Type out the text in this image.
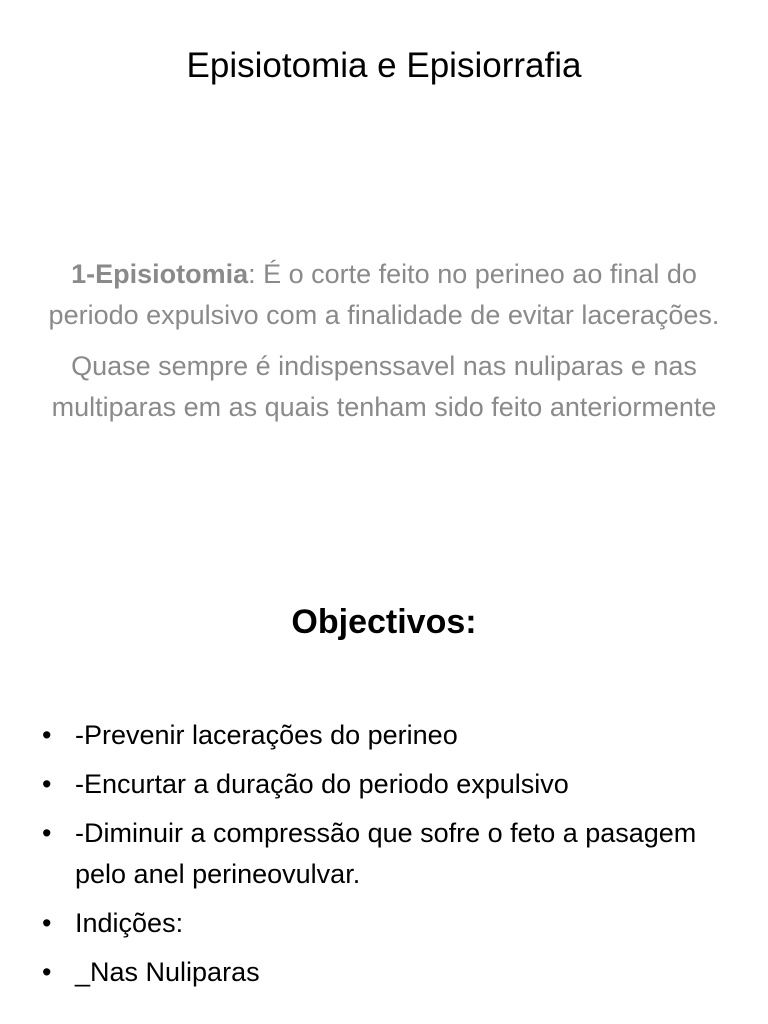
Episiotomia e Episiorrafia

1-Episiotomia: É o corte feito no perineo ao final do periodo expulsivo com a finalidade de evitar lacerações.

Quase sempre é indispenssavel nas nuliparas e nas multiparas em as quais tenham sido feito anteriormente

Objectivos:
• -Prevenir lacerações do perineo
• -Encurtar a duração do periodo expulsivo
• -Diminuir a compressão que sofre o feto a pasagem pelo anel perineovulvar.
• Indições:
• _Nas Nuliparas
